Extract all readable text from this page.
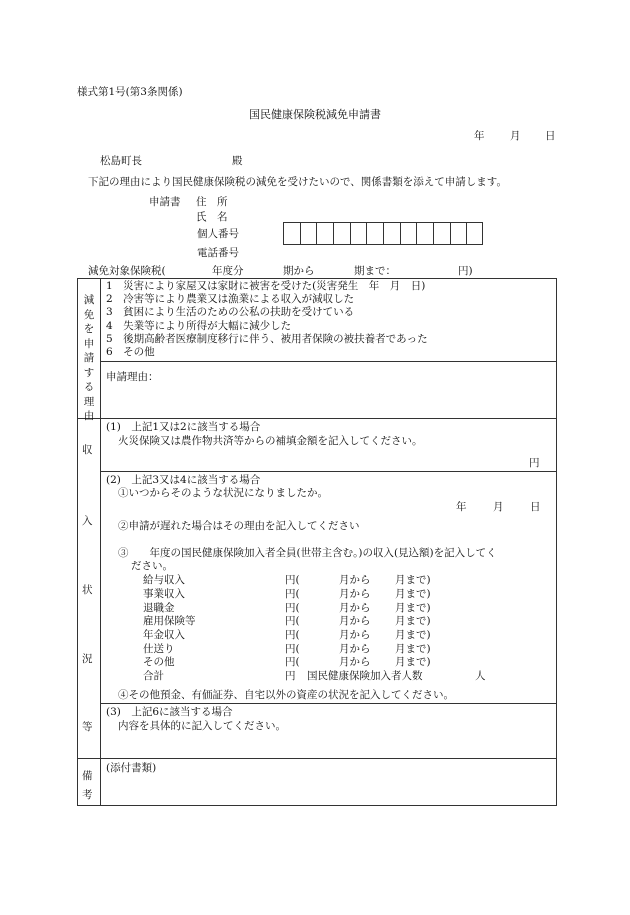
様式第1号(第3条関係)
国民健康保険税減免申請書
年 月 日
松島町長	殿
下記の理由により国民健康保険税の減免を受けたいので、関係書類を添えて申請します。
申請書 住　所
氏　名
個人番号
電話番号
減免対象保険税(	年度分	期から	期まで：	円)
減免を申請する理由
1　災害により家屋又は家財に被害を受けた(災害発生　年　月　日)
2　冷害等により農業又は漁業による収入が減収した
3　貧困により生活のための公私の扶助を受けている
4　失業等により所得が大幅に減少した
5　後期高齢者医療制度移行に伴う、被用者保険の被扶養者であった
6　その他
申請理由：
収
入
状
況
等
(1)　上記1又は2に該当する場合
火災保険又は農作物共済等からの補填金額を記入してください。
円
(2)　上記3又は4に該当する場合
①いつからそのような状況になりましたか。
年	月	日
②申請が遅れた場合はその理由を記入してください
③　　年度の国民健康保険加入者全員(世帯主含む。)の収入(見込額)を記入してく
ださい。
給与収入	円(	月から 月まで)
事業収入	円(	月から 月まで)
退職金	円(	月から 月まで)
雇用保険等	円(	月から 月まで)
年金収入	円(	月から 月まで)
仕送り	円(	月から 月まで)
その他	円(	月から 月まで)
合計	円 国民健康保険加入者人数	人
④その他預金、有価証券、自宅以外の資産の状況を記入してください。
(3)　上記6に該当する場合
内容を具体的に記入してください。
備
考
(添付書類)
